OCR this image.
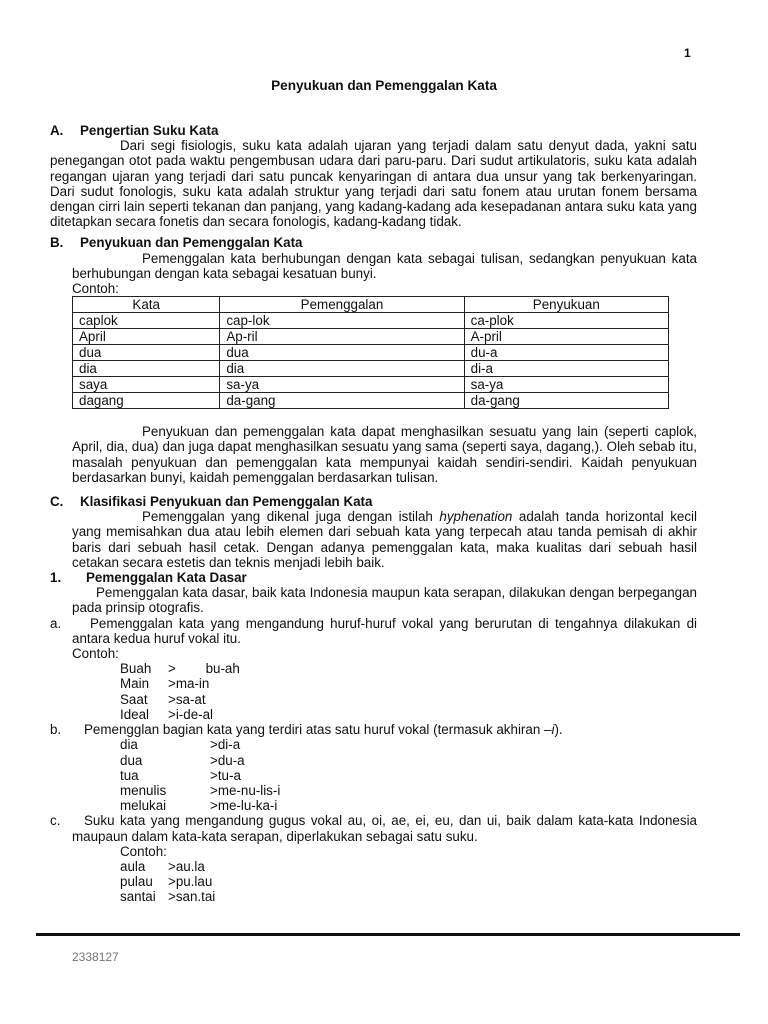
1
Penyukuan dan Pemenggalan Kata

A. Pengertian Suku Kata

Dari segi fisiologis, suku kata adalah ujaran yang terjadi dalam satu denyut dada, yakni satu penegangan otot pada waktu pengembusan udara dari paru-paru. Dari sudut artikulatoris, suku kata adalah regangan ujaran yang terjadi dari satu puncak kenyaringan di antara dua unsur yang tak berkenyaringan. Dari sudut fonologis, suku kata adalah struktur yang terjadi dari satu fonem atau urutan fonem bersama dengan cirri lain seperti tekanan dan panjang, yang kadang-kadang ada kesepadanan antara suku kata yang ditetapkan secara fonetis dan secara fonologis, kadang-kadang tidak.

B. Penyukuan dan Pemenggalan Kata

Pemenggalan kata berhubungan dengan kata sebagai tulisan, sedangkan penyukuan kata berhubungan dengan kata sebagai kesatuan bunyi.

Contoh:

Kata	Pemenggalan	Penyukuan
caplok	cap-lok	ca-plok
April	Ap-ril	A-pril
dua	dua	du-a
dia	dia	di-a
saya	sa-ya	sa-ya
dagang	da-gang	da-gang

Penyukuan dan pemenggalan kata dapat menghasilkan sesuatu yang lain (seperti caplok, April, dia, dua) dan juga dapat menghasilkan sesuatu yang sama (seperti saya, dagang,). Oleh sebab itu, masalah penyukuan dan pemenggalan kata mempunyai kaidah sendiri-sendiri. Kaidah penyukuan berdasarkan bunyi, kaidah pemenggalan berdasarkan tulisan.

C. Klasifikasi Penyukuan dan Pemenggalan Kata

Pemenggalan yang dikenal juga dengan istilah hyphenation adalah tanda horizontal kecil yang memisahkan dua atau lebih elemen dari sebuah kata yang terpecah atau tanda pemisah di akhir baris dari sebuah hasil cetak. Dengan adanya pemenggalan kata, maka kualitas dari sebuah hasil cetakan secara estetis dan teknis menjadi lebih baik.

1. Pemenggalan Kata Dasar

Pemenggalan kata dasar, baik kata Indonesia maupun kata serapan, dilakukan dengan berpegangan pada prinsip otografis.

a.	Pemenggalan kata yang mengandung huruf-huruf vokal yang berurutan di tengahnya dilakukan di antara kedua huruf vokal itu.

Contoh:

Buah >        bu-ah

Main >ma-in

Saat >sa-at

Ideal >i-de-al

b.	Pemengglan bagian kata yang terdiri atas satu huruf vokal (termasuk akhiran –i).

dia	>di-a

dua	>du-a

tua	>tu-a

menulis	>me-nu-lis-i

melukai	>me-lu-ka-i

c.	Suku kata yang mengandung gugus vokal au, oi, ae, ei, eu, dan ui, baik dalam kata-kata Indonesia maupaun dalam kata-kata serapan, diperlakukan sebagai satu suku.

Contoh:

aula >au.la

pulau >pu.lau

santai >san.tai

2338127
